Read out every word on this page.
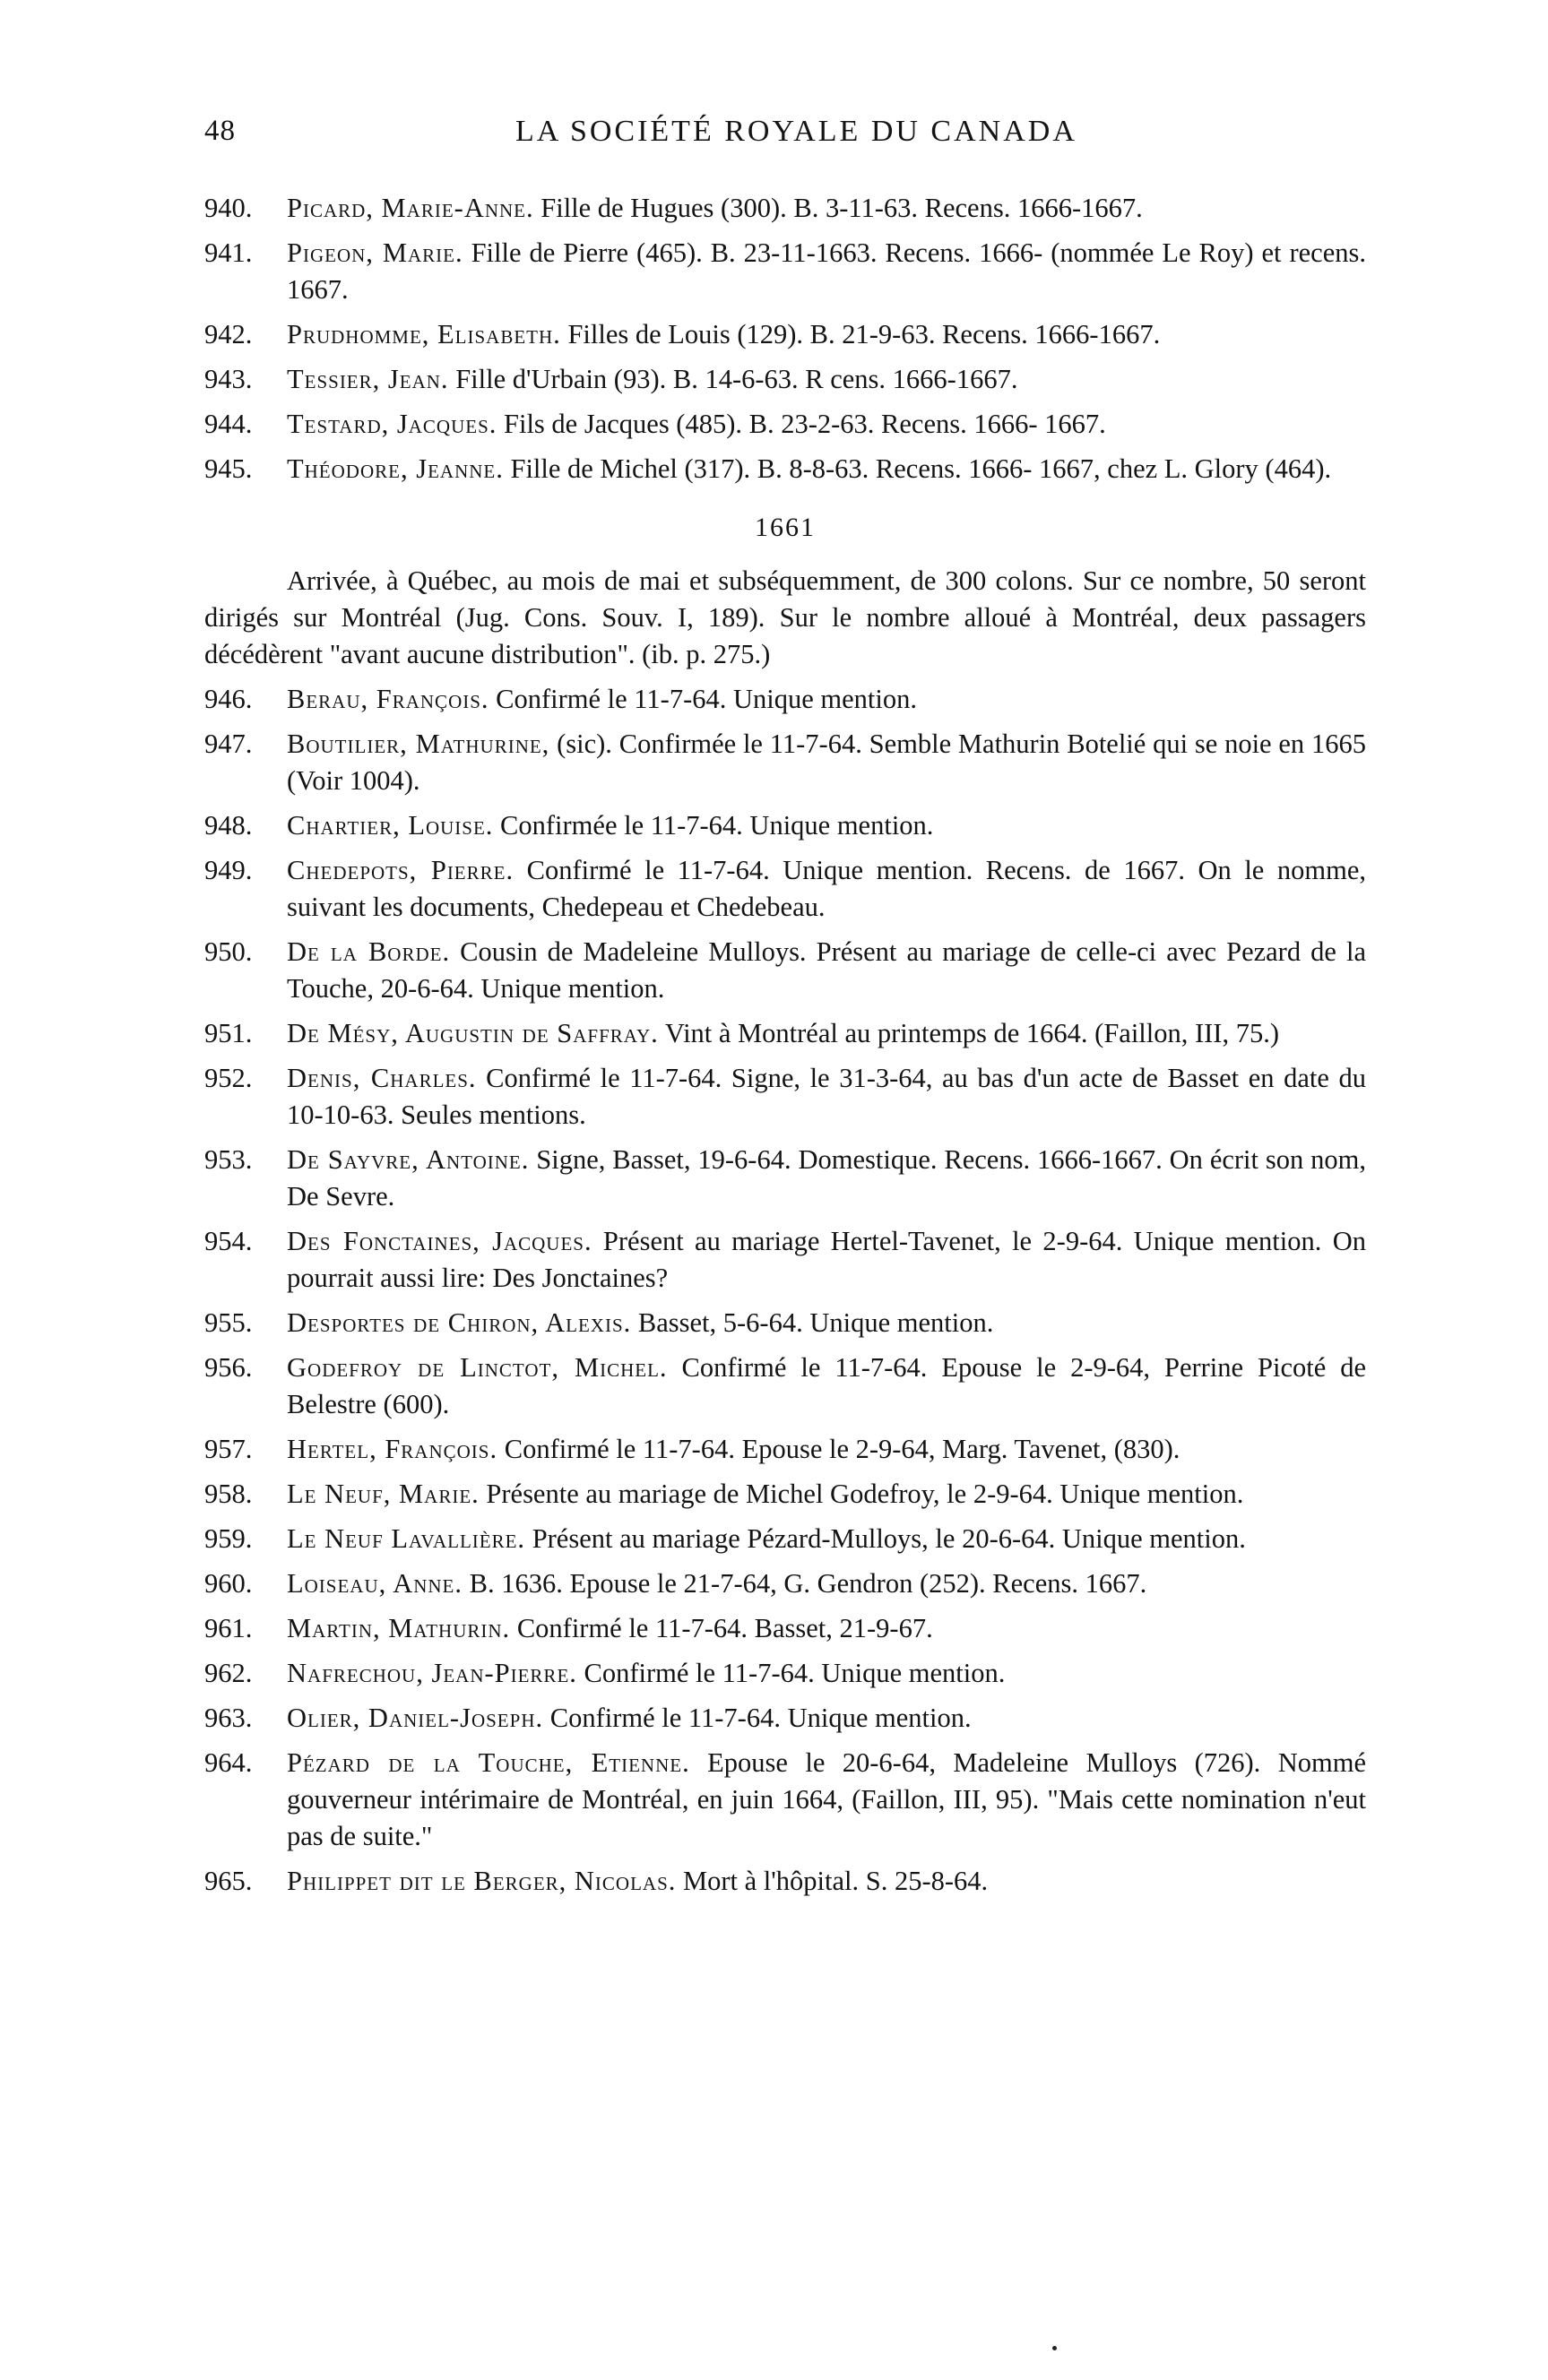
48	LA SOCIÉTÉ ROYALE DU CANADA
940.	Picard, Marie-Anne. Fille de Hugues (300). B. 3-11-63. Recens. 1666-1667.
941.	Pigeon, Marie. Fille de Pierre (465). B. 23-11-1663. Recens. 1666- (nommée Le Roy) et recens. 1667.
942.	Prudhomme, Elisabeth. Filles de Louis (129). B. 21-9-63. Recens. 1666-1667.
943.	Tessier, Jean. Fille d'Urbain (93). B. 14-6-63. R cens. 1666-1667.
944.	Testard, Jacques. Fils de Jacques (485). B. 23-2-63. Recens. 1666- 1667.
945.	Théodore, Jeanne. Fille de Michel (317). B. 8-8-63. Recens. 1666- 1667, chez L. Glory (464).
1661
Arrivée, à Québec, au mois de mai et subséquemment, de 300 colons. Sur ce nombre, 50 seront dirigés sur Montréal (Jug. Cons. Souv. I, 189). Sur le nombre alloué à Montréal, deux passagers décédèrent "avant aucune distribution". (ib. p. 275.)
946.	Berau, François. Confirmé le 11-7-64. Unique mention.
947.	Boutilier, Mathurine, (sic). Confirmée le 11-7-64. Semble Mathurin Botelié qui se noie en 1665 (Voir 1004).
948.	Chartier, Louise. Confirmée le 11-7-64. Unique mention.
949.	Chedepots, Pierre. Confirmé le 11-7-64. Unique mention. Recens. de 1667. On le nomme, suivant les documents, Chedepeau et Chedebeau.
950.	De la Borde. Cousin de Madeleine Mulloys. Présent au mariage de celle-ci avec Pezard de la Touche, 20-6-64. Unique mention.
951.	De Mésy, Augustin de Saffray. Vint à Montréal au printemps de 1664. (Faillon, III, 75.)
952.	Denis, Charles. Confirmé le 11-7-64. Signe, le 31-3-64, au bas d'un acte de Basset en date du 10-10-63. Seules mentions.
953.	De Sayvre, Antoine. Signe, Basset, 19-6-64. Domestique. Recens. 1666-1667. On écrit son nom, De Sevre.
954.	Des Fonctaines, Jacques. Présent au mariage Hertel-Tavenet, le 2-9-64. Unique mention. On pourrait aussi lire: Des Jonctaines?
955.	Desportes de Chiron, Alexis. Basset, 5-6-64. Unique mention.
956.	Godefroy de Linctot, Michel. Confirmé le 11-7-64. Epouse le 2-9-64, Perrine Picoté de Belestre (600).
957.	Hertel, François. Confirmé le 11-7-64. Epouse le 2-9-64, Marg. Tavenet, (830).
958.	Le Neuf, Marie. Présente au mariage de Michel Godefroy, le 2-9-64. Unique mention.
959.	Le Neuf Lavallière. Présent au mariage Pézard-Mulloys, le 20-6-64. Unique mention.
960.	Loiseau, Anne. B. 1636. Epouse le 21-7-64, G. Gendron (252). Recens. 1667.
961.	Martin, Mathurin. Confirmé le 11-7-64. Basset, 21-9-67.
962.	Nafrechou, Jean-Pierre. Confirmé le 11-7-64. Unique mention.
963.	Olier, Daniel-Joseph. Confirmé le 11-7-64. Unique mention.
964.	Pézard de la Touche, Etienne. Epouse le 20-6-64, Madeleine Mulloys (726). Nommé gouverneur intérimaire de Montréal, en juin 1664, (Faillon, III, 95). "Mais cette nomination n'eut pas de suite."
965.	Philippet dit le Berger, Nicolas. Mort à l'hôpital. S. 25-8-64.
